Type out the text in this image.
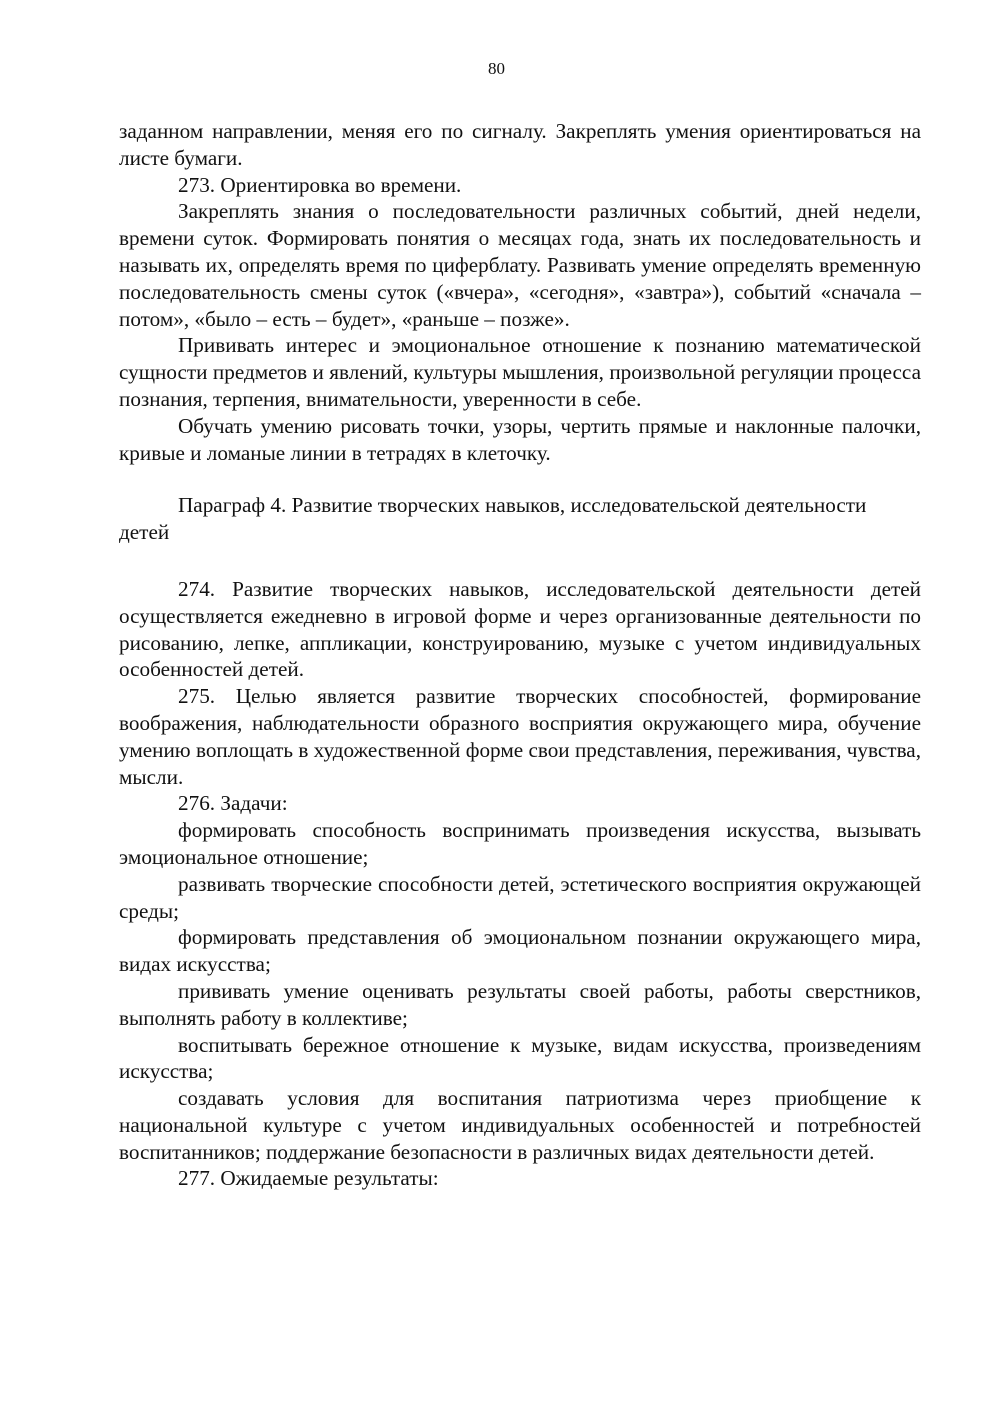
80

заданном направлении, меняя его по сигналу. Закреплять умения ориентироваться на листе бумаги.

273. Ориентировка во времени.

Закреплять знания о последовательности различных событий, дней недели, времени суток. Формировать понятия о месяцах года, знать их последовательность и называть их, определять время по циферблату. Развивать умение определять временную последовательность смены суток («вчера», «сегодня», «завтра»), событий «сначала – потом», «было – есть – будет», «раньше – позже».

Прививать интерес и эмоциональное отношение к познанию математической сущности предметов и явлений, культуры мышления, произвольной регуляции процесса познания, терпения, внимательности, уверенности в себе.

Обучать умению рисовать точки, узоры, чертить прямые и наклонные палочки, кривые и ломаные линии в тетрадях в клеточку.

Параграф 4. Развитие творческих навыков, исследовательской деятельности детей

274. Развитие творческих навыков, исследовательской деятельности детей осуществляется ежедневно в игровой форме и через организованные деятельности по рисованию, лепке, аппликации, конструированию, музыке с учетом индивидуальных особенностей детей.

275. Целью является развитие творческих способностей, формирование воображения, наблюдательности образного восприятия окружающего мира, обучение умению воплощать в художественной форме свои представления, переживания, чувства, мысли.

276. Задачи:

формировать способность воспринимать произведения искусства, вызывать эмоциональное отношение;

развивать творческие способности детей, эстетического восприятия окружающей среды;

формировать представления об эмоциональном познании окружающего мира, видах искусства;

прививать умение оценивать результаты своей работы, работы сверстников, выполнять работу в коллективе;

воспитывать бережное отношение к музыке, видам искусства, произведениям искусства;

создавать условия для воспитания патриотизма через приобщение к национальной культуре с учетом индивидуальных особенностей и потребностей воспитанников; поддержание безопасности в различных видах деятельности детей.

277. Ожидаемые результаты:
